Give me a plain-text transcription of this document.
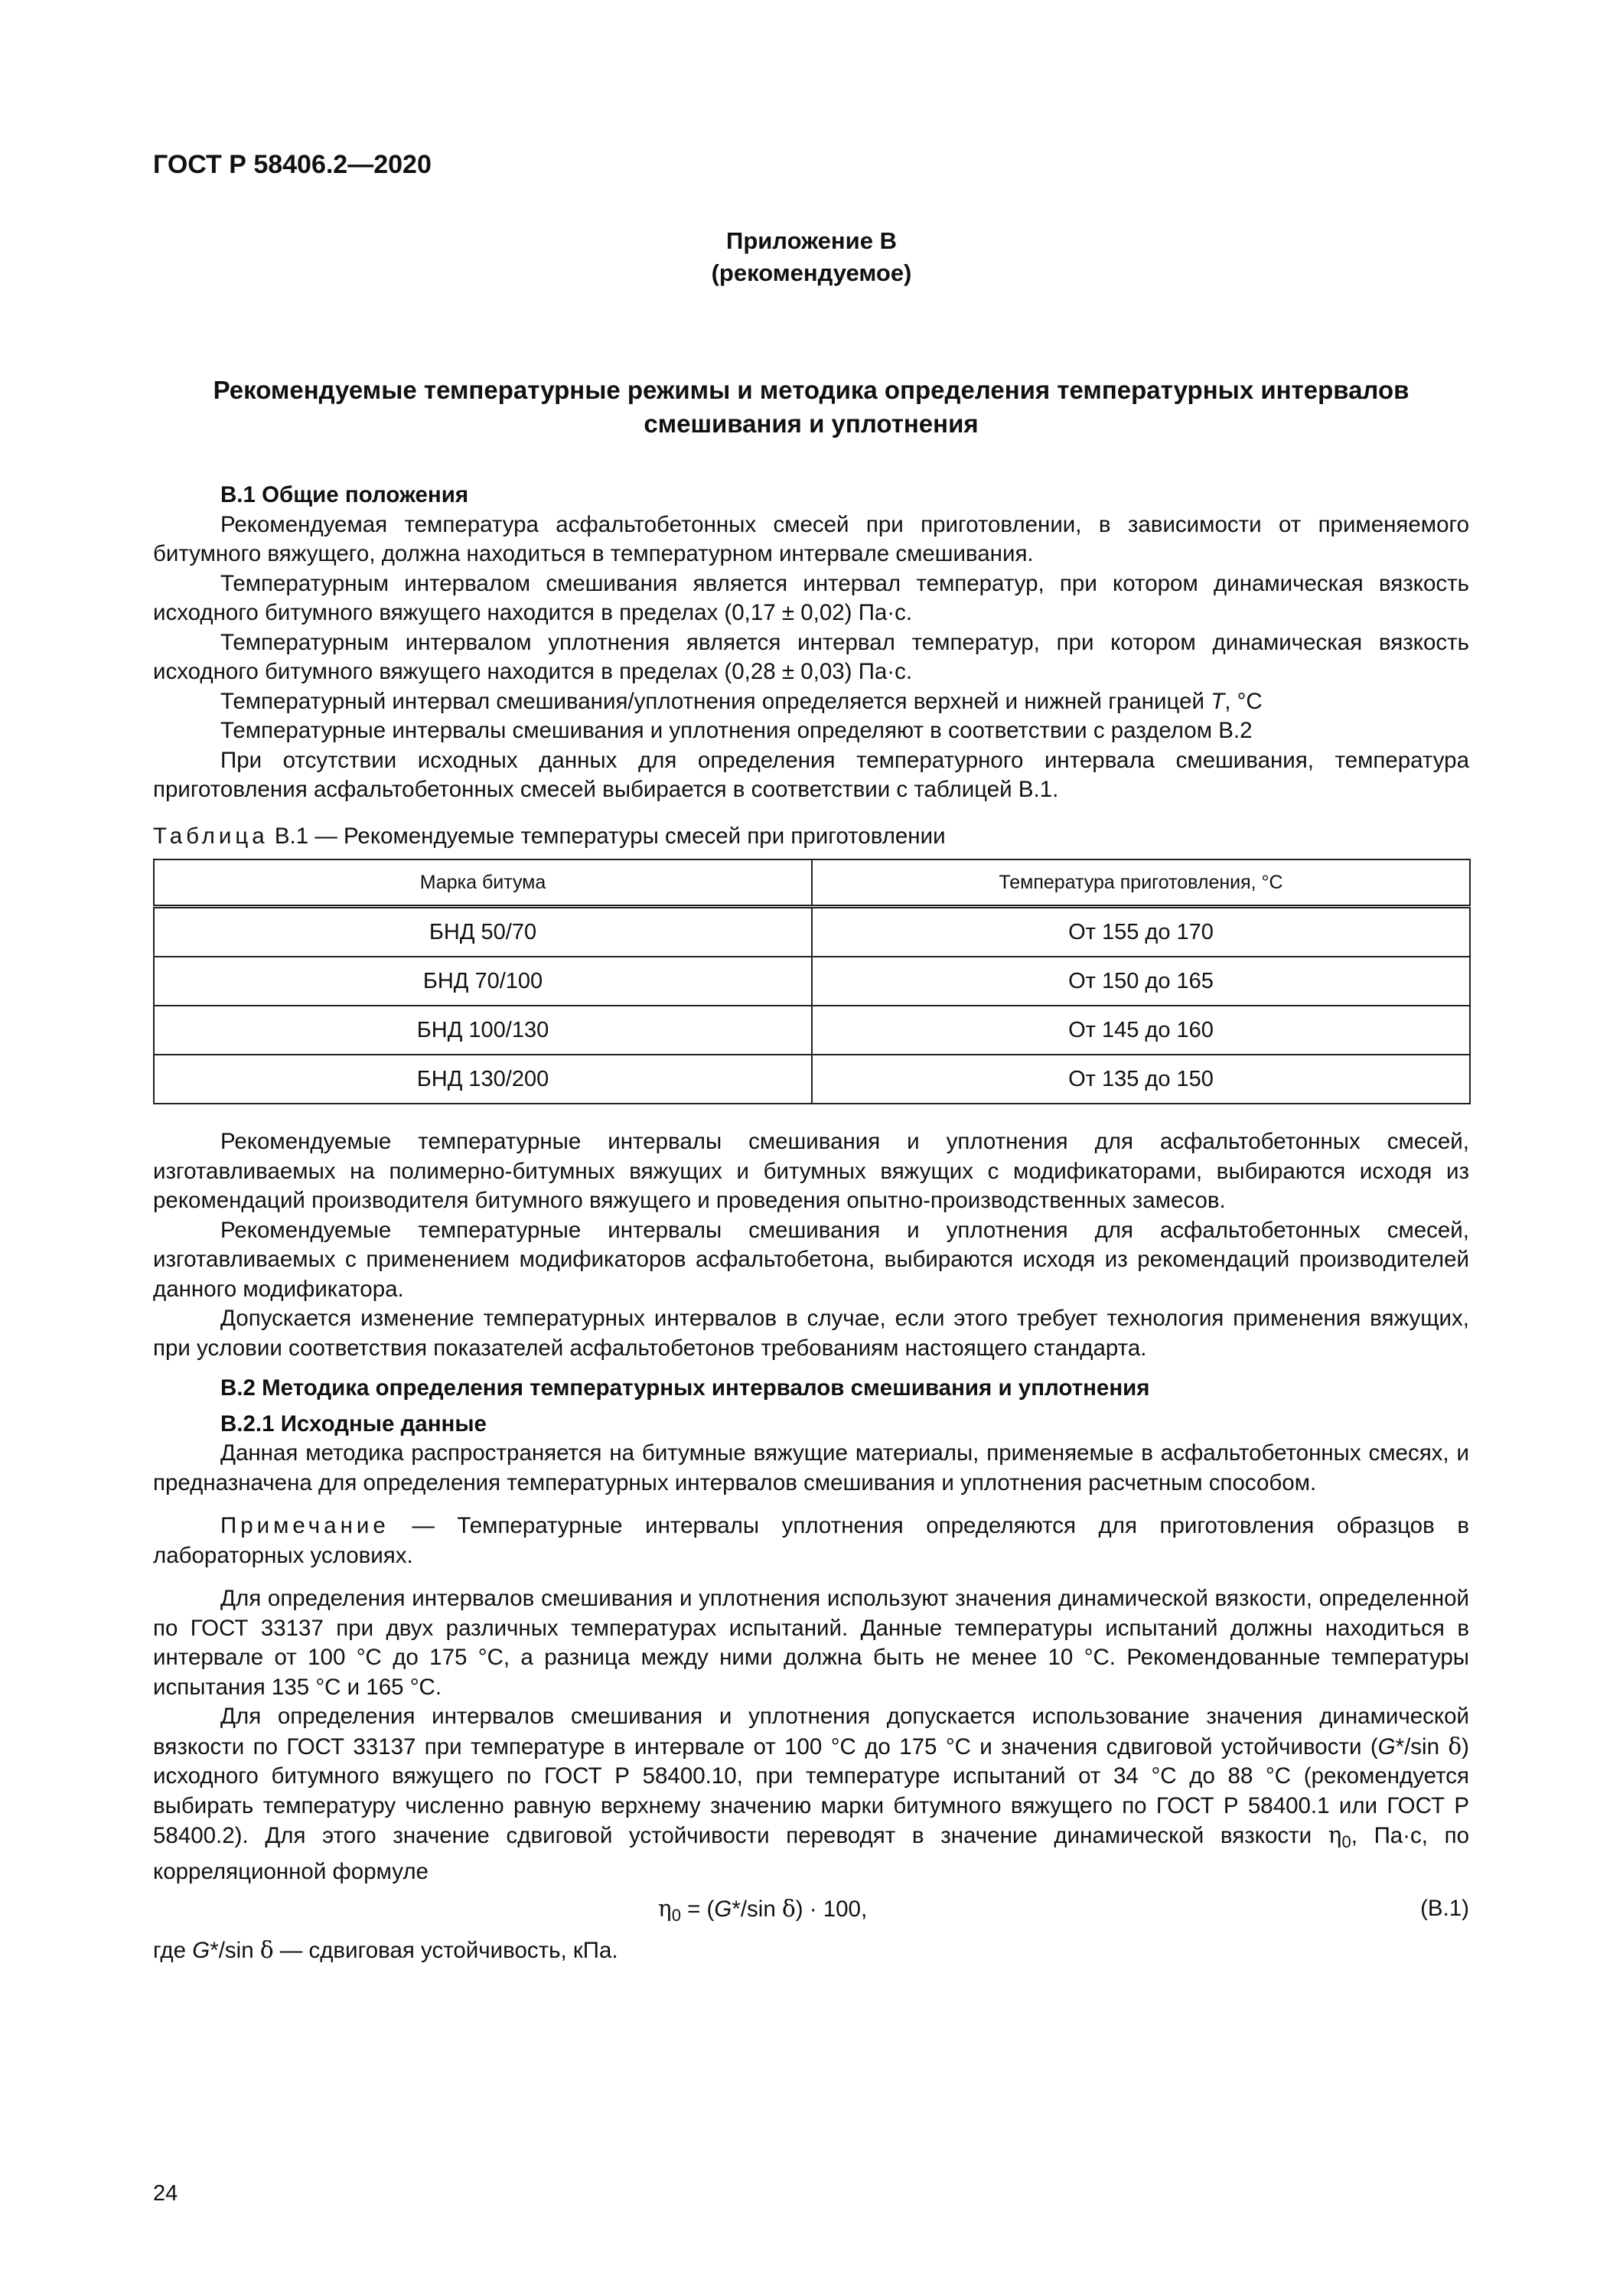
ГОСТ Р 58406.2—2020
Приложение В
(рекомендуемое)
Рекомендуемые температурные режимы и методика определения температурных интервалов
смешивания и уплотнения

В.1 Общие положения

Рекомендуемая температура асфальтобетонных смесей при приготовлении, в зависимости от применяемого битумного вяжущего, должна находиться в температурном интервале смешивания.

Температурным интервалом смешивания является интервал температур, при котором динамическая вязкость исходного битумного вяжущего находится в пределах (0,17 ± 0,02) Па·с.

Температурным интервалом уплотнения является интервал температур, при котором динамическая вязкость исходного битумного вяжущего находится в пределах (0,28 ± 0,03) Па·с.

Температурный интервал смешивания/уплотнения определяется верхней и нижней границей T, °С

Температурные интервалы смешивания и уплотнения определяют в соответствии с разделом В.2

При отсутствии исходных данных для определения температурного интервала смешивания, температура приготовления асфальтобетонных смесей выбирается в соответствии с таблицей В.1.

Таблица В.1 — Рекомендуемые температуры смесей при приготовлении

Марка битума	Температура приготовления, °С
БНД 50/70	От 155 до 170
БНД 70/100	От 150 до 165
БНД 100/130	От 145 до 160
БНД 130/200	От 135 до 150

Рекомендуемые температурные интервалы смешивания и уплотнения для асфальтобетонных смесей, изготавливаемых на полимерно-битумных вяжущих и битумных вяжущих с модификаторами, выбираются исходя из рекомендаций производителя битумного вяжущего и проведения опытно-производственных замесов.

Рекомендуемые температурные интервалы смешивания и уплотнения для асфальтобетонных смесей, изготавливаемых с применением модификаторов асфальтобетона, выбираются исходя из рекомендаций производителей данного модификатора.

Допускается изменение температурных интервалов в случае, если этого требует технология применения вяжущих, при условии соответствия показателей асфальтобетонов требованиям настоящего стандарта.

В.2 Методика определения температурных интервалов смешивания и уплотнения

В.2.1 Исходные данные

Данная методика распространяется на битумные вяжущие материалы, применяемые в асфальтобетонных смесях, и предназначена для определения температурных интервалов смешивания и уплотнения расчетным способом.

Примечание — Температурные интервалы уплотнения определяются для приготовления образцов в лабораторных условиях.

Для определения интервалов смешивания и уплотнения используют значения динамической вязкости, определенной по ГОСТ 33137 при двух различных температурах испытаний. Данные температуры испытаний должны находиться в интервале от 100 °С до 175 °С, а разница между ними должна быть не менее 10 °С. Рекомендованные температуры испытания 135 °С и 165 °С.

Для определения интервалов смешивания и уплотнения допускается использование значения динамической вязкости по ГОСТ 33137 при температуре в интервале от 100 °С до 175 °С и значения сдвиговой устойчивости (G*/sin δ) исходного битумного вяжущего по ГОСТ Р 58400.10, при температуре испытаний от 34 °С до 88 °С (рекомендуется выбирать температуру численно равную верхнему значению марки битумного вяжущего по ГОСТ Р 58400.1 или ГОСТ Р 58400.2). Для этого значение сдвиговой устойчивости переводят в значение динамической вязкости $\eta_0$, Па·с, по корреляционной формуле

$\eta_0 = (G*/\sin$ δ) · 100,	(В.1)

где G*/sin δ — сдвиговая устойчивость, кПа.

24
